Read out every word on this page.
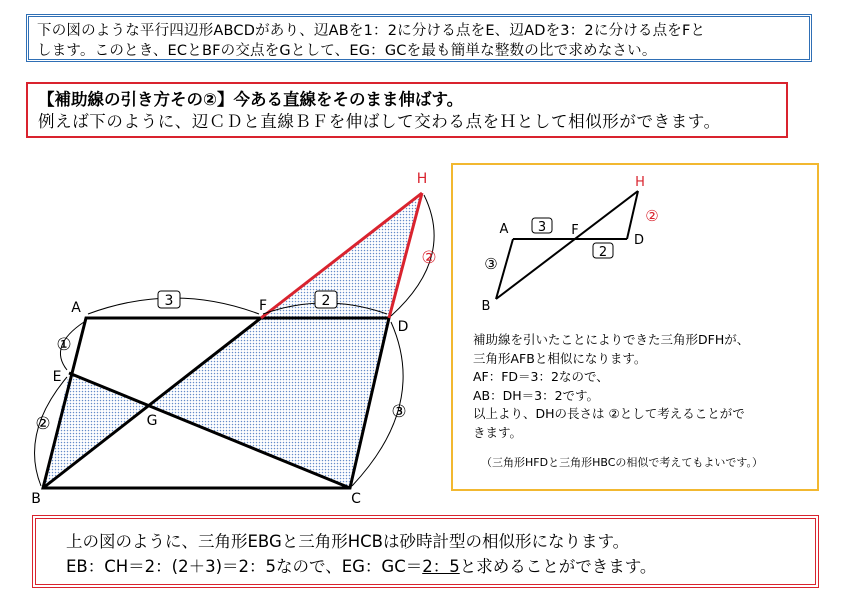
下の図のような平行四辺形ABCDがあり、辺ABを1：2に分ける点をE、辺ADを3：2に分ける点をFと
します。このとき、ECとBFの交点をGとして、EG：GCを最も簡単な整数の比で求めなさい。
【補助線の引き方その②】今ある直線をそのまま伸ばす。
例えば下のように、辺ＣＤと直線ＢＦを伸ばして交わる点をＨとして相似形ができます。
3	2
①
②
③
②
A	F
D
E
G
B	C
H
3
2
③
②
A	F
D
B
H
補助線を引いたことによりできた三角形DFHが、
三角形AFBと相似になります。
AF：FD＝3：2なので、
AB：DH＝3：2です。
以上より、DHの長さは ②として考えることがで
きます。
（三角形HFDと三角形HBCの相似で考えてもよいです。）
上の図のように、三角形EBGと三角形HCBは砂時計型の相似形になります。
EB：CH＝2：(2＋3)＝2：5なので、EG：GC＝2：5と求めることができます。
